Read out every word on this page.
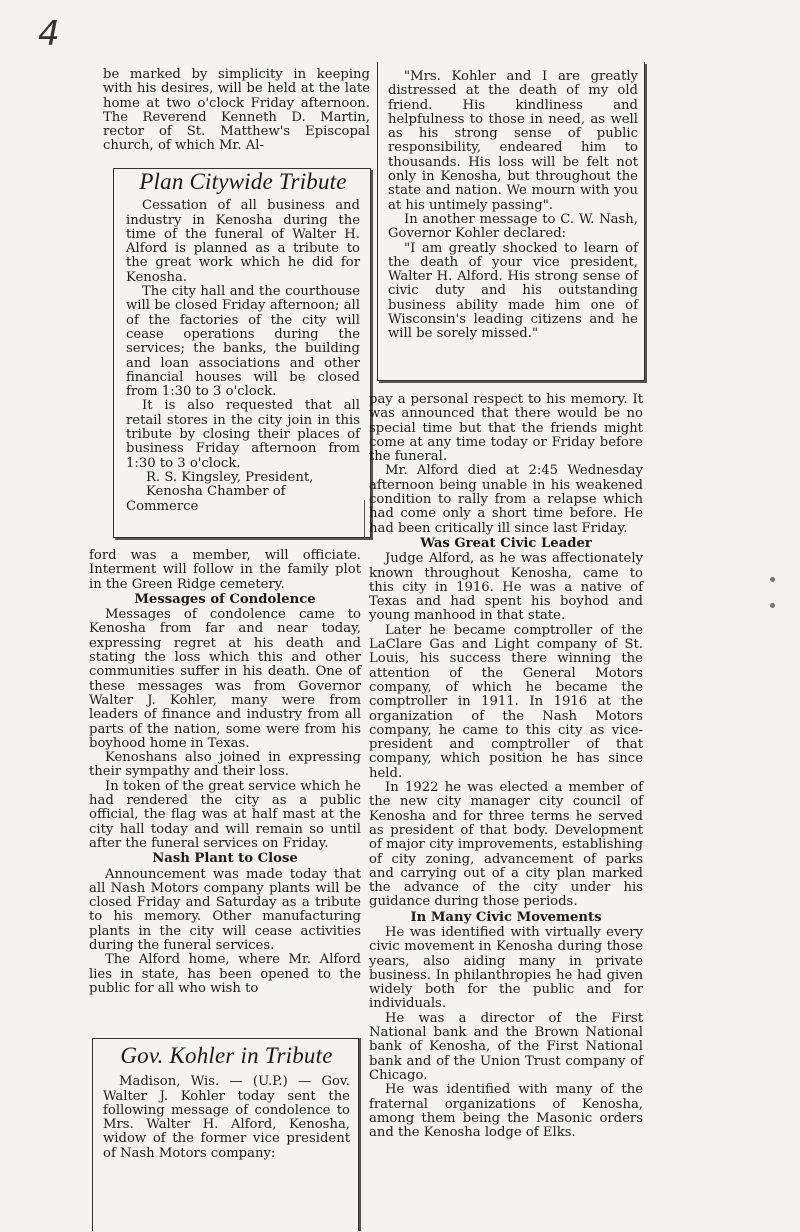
4

be marked by simplicity in keeping with his desires, will be held at the late home at two o'clock Friday afternoon. The Reverend Kenneth D. Martin, rector of St. Matthew's Episcopal church, of which Mr. Al-

Plan Citywide Tribute

Cessation of all business and industry in Kenosha during the time of the funeral of Walter H. Alford is planned as a tribute to the great work which he did for Kenosha.

The city hall and the courthouse will be closed Friday afternoon; all of the factories of the city will cease operations during the services; the banks, the building and loan associations and other financial houses will be closed from 1:30 to 3 o'clock.

It is also requested that all retail stores in the city join in this tribute by closing their places of business Friday afternoon from 1:30 to 3 o'clock.

R. S. Kingsley, President,

Kenosha Chamber of Commerce

ford was a member, will officiate. Interment will follow in the family plot in the Green Ridge cemetery.

Messages of Condolence

Messages of condolence came to Kenosha from far and near today, expressing regret at his death and stating the loss which this and other communities suffer in his death. One of these messages was from Governor Walter J. Kohler, many were from leaders of finance and industry from all parts of the nation, some were from his boyhood home in Texas.

Kenoshans also joined in expressing their sympathy and their loss.

In token of the great service which he had rendered the city as a public official, the flag was at half mast at the city hall today and will remain so until after the funeral services on Friday.

Nash Plant to Close

Announcement was made today that all Nash Motors company plants will be closed Friday and Saturday as a tribute to his memory. Other manufacturing plants in the city will cease activities during the funeral services.

The Alford home, where Mr. Alford lies in state, has been opened to the public for all who wish to

Gov. Kohler in Tribute

Madison, Wis. — (U.P.) — Gov. Walter J. Kohler today sent the following message of condolence to Mrs. Walter H. Alford, Kenosha, widow of the former vice president of Nash Motors company:

"Mrs. Kohler and I are greatly distressed at the death of my old friend. His kindliness and helpfulness to those in need, as well as his strong sense of public responsibility, endeared him to thousands. His loss will be felt not only in Kenosha, but throughout the state and nation. We mourn with you at his untimely passing".

In another message to C. W. Nash, Governor Kohler declared:

"I am greatly shocked to learn of the death of your vice president, Walter H. Alford. His strong sense of civic duty and his outstanding business ability made him one of Wisconsin's leading citizens and he will be sorely missed."

pay a personal respect to his memory. It was announced that there would be no special time but that the friends might come at any time today or Friday before the funeral.

Mr. Alford died at 2:45 Wednesday afternoon being unable in his weakened condition to rally from a relapse which had come only a short time before. He had been critically ill since last Friday.

Was Great Civic Leader

Judge Alford, as he was affectionately known throughout Kenosha, came to this city in 1916. He was a native of Texas and had spent his boyhod and young manhood in that state.

Later he became comptroller of the LaClare Gas and Light company of St. Louis, his success there winning the attention of the General Motors company, of which he became the comptroller in 1911. In 1916 at the organization of the Nash Motors company, he came to this city as vice-president and comptroller of that company, which position he has since held.

In 1922 he was elected a member of the new city manager city council of Kenosha and for three terms he served as president of that body. Development of major city improvements, establishing of city zoning, advancement of parks and carrying out of a city plan marked the advance of the city under his guidance during those periods.

In Many Civic Movements

He was identified with virtually every civic movement in Kenosha during those years, also aiding many in private business. In philanthropies he had given widely both for the public and for individuals.

He was a director of the First National bank and the Brown National bank of Kenosha, of the First National bank and of the Union Trust company of Chicago.

He was identified with many of the fraternal organizations of Kenosha, among them being the Masonic orders and the Kenosha lodge of Elks.
